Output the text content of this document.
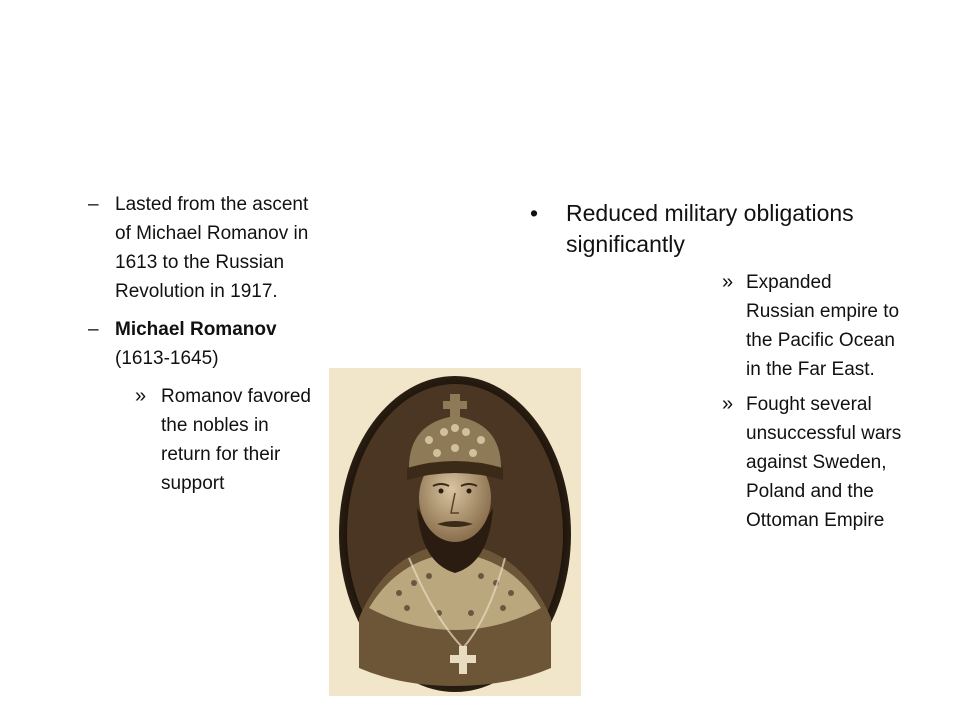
– Lasted from the ascent of Michael Romanov in 1613 to the Russian Revolution in 1917.
– Michael Romanov (1613-1645)
» Romanov favored the nobles in return for their support
• Reduced military obligations significantly
» Expanded Russian empire to the Pacific Ocean in the Far East.
» Fought several unsuccessful wars against Sweden, Poland and the Ottoman Empire
